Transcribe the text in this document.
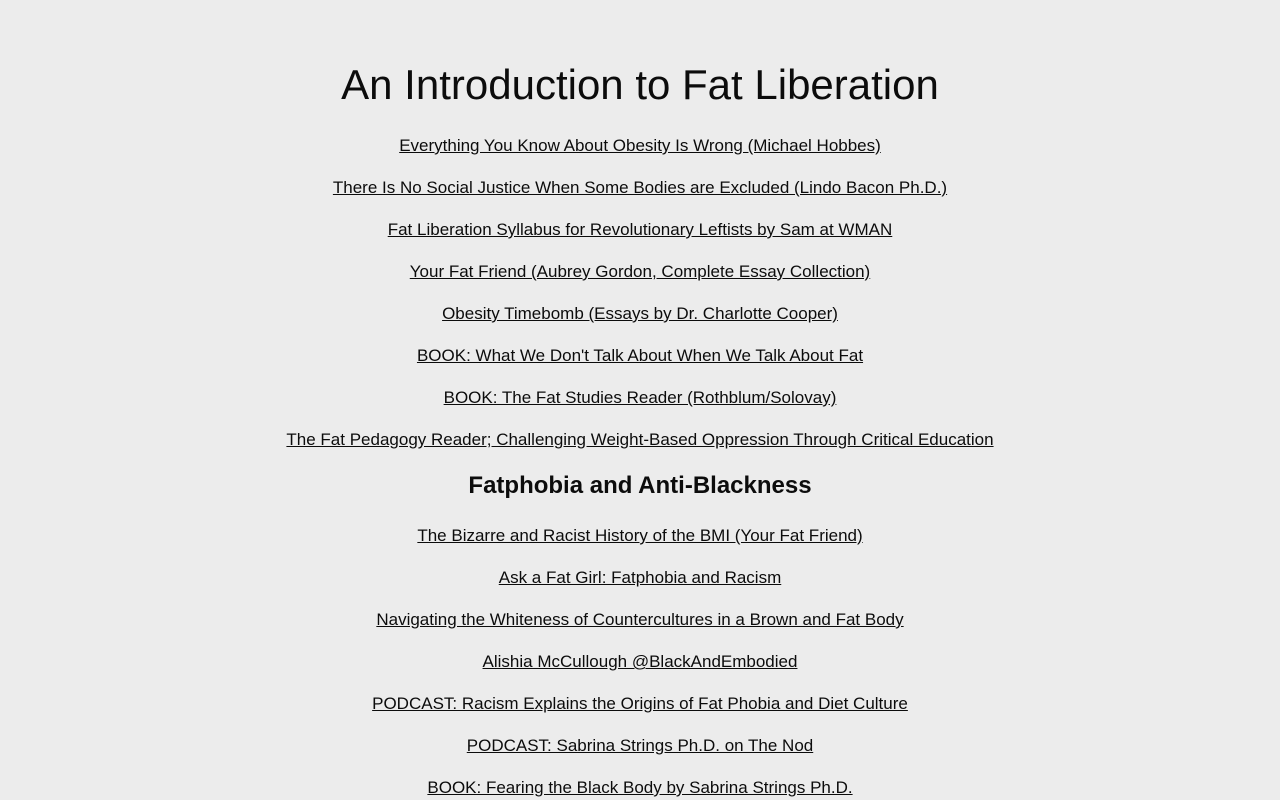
An Introduction to Fat Liberation

Everything You Know About Obesity Is Wrong (Michael Hobbes)

There Is No Social Justice When Some Bodies are Excluded (Lindo Bacon Ph.D.)

Fat Liberation Syllabus for Revolutionary Leftists by Sam at WMAN

Your Fat Friend (Aubrey Gordon, Complete Essay Collection)

Obesity Timebomb (Essays by Dr. Charlotte Cooper)

BOOK: What We Don't Talk About When We Talk About Fat

BOOK: The Fat Studies Reader (Rothblum/Solovay)

The Fat Pedagogy Reader; Challenging Weight-Based Oppression Through Critical Education

Fatphobia and Anti-Blackness

The Bizarre and Racist History of the BMI (Your Fat Friend)

Ask a Fat Girl: Fatphobia and Racism

Navigating the Whiteness of Countercultures in a Brown and Fat Body

Alishia McCullough @BlackAndEmbodied

PODCAST: Racism Explains the Origins of Fat Phobia and Diet Culture

PODCAST: Sabrina Strings Ph.D. on The Nod

BOOK: Fearing the Black Body by Sabrina Strings Ph.D.
